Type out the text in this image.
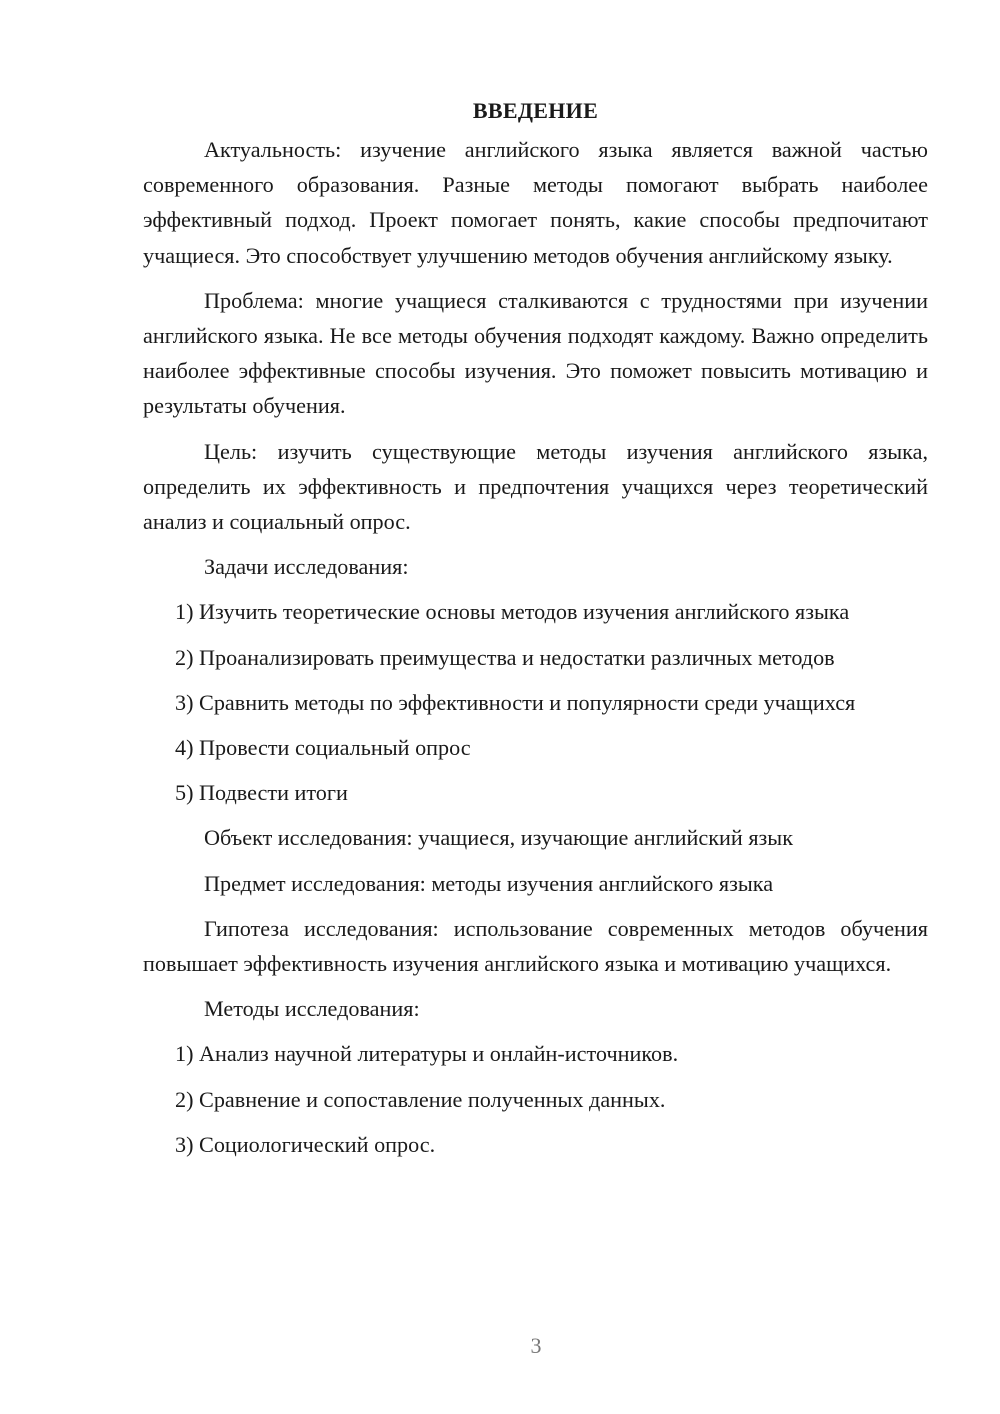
ВВЕДЕНИЕ

Актуальность: изучение английского языка является важной частью современного образования. Разные методы помогают выбрать наиболее эффективный подход. Проект помогает понять, какие способы предпочитают учащиеся. Это способствует улучшению методов обучения английскому языку.

Проблема: многие учащиеся сталкиваются с трудностями при изучении английского языка. Не все методы обучения подходят каждому. Важно определить наиболее эффективные способы изучения. Это поможет повысить мотивацию и результаты обучения.

Цель: изучить существующие методы изучения английского языка, определить их эффективность и предпочтения учащихся через теоретический анализ и социальный опрос.

Задачи исследования:

1) Изучить теоретические основы методов изучения английского языка

2) Проанализировать преимущества и недостатки различных методов

3) Сравнить методы по эффективности и популярности среди учащихся

4) Провести социальный опрос

5) Подвести итоги

Объект исследования: учащиеся, изучающие английский язык

Предмет исследования: методы изучения английского языка

Гипотеза исследования: использование современных методов обучения повышает эффективность изучения английского языка и мотивацию учащихся.

Методы исследования:

1) Анализ научной литературы и онлайн-источников.

2) Сравнение и сопоставление полученных данных.

3) Социологический опрос.

3
